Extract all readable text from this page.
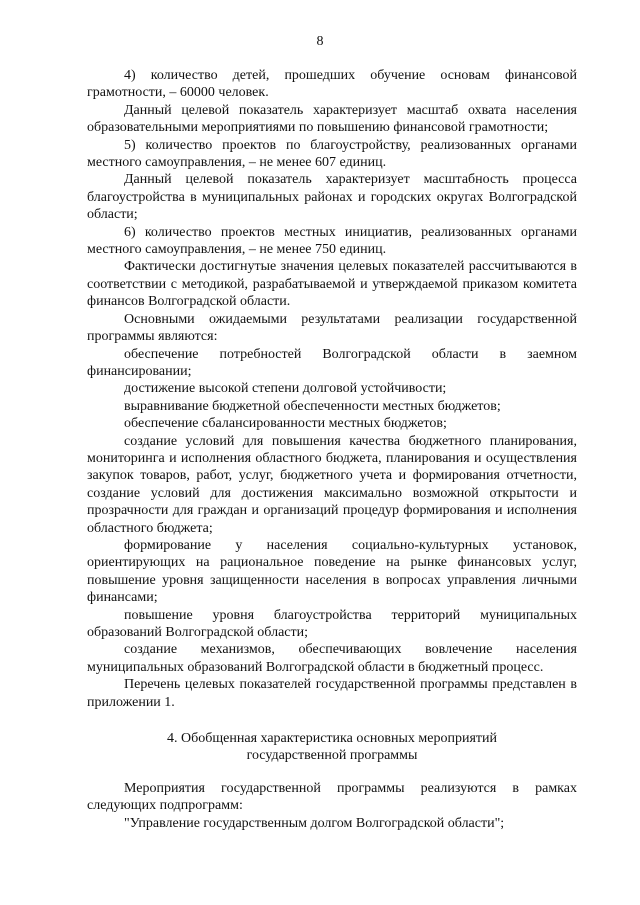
8

4) количество детей, прошедших обучение основам финансовой грамотности, – 60000 человек.

Данный целевой показатель характеризует масштаб охвата населения образовательными мероприятиями по повышению финансовой грамотности;

5) количество проектов по благоустройству, реализованных органами местного самоуправления, – не менее 607 единиц.

Данный целевой показатель характеризует масштабность процесса благоустройства в муниципальных районах и городских округах Волгоградской области;

6) количество проектов местных инициатив, реализованных органами местного самоуправления, – не менее 750 единиц.

Фактически достигнутые значения целевых показателей рассчитываются в соответствии с методикой, разрабатываемой и утверждаемой приказом комитета финансов Волгоградской области.

Основными ожидаемыми результатами реализации государственной программы являются:

обеспечение потребностей Волгоградской области в заемном финансировании;

достижение высокой степени долговой устойчивости;

выравнивание бюджетной обеспеченности местных бюджетов;

обеспечение сбалансированности местных бюджетов;

создание условий для повышения качества бюджетного планирования, мониторинга и исполнения областного бюджета, планирования и осуществления закупок товаров, работ, услуг, бюджетного учета и формирования отчетности, создание условий для достижения максимально возможной открытости и прозрачности для граждан и организаций процедур формирования и исполнения областного бюджета;

формирование у населения социально-культурных установок, ориентирующих на рациональное поведение на рынке финансовых услуг, повышение уровня защищенности населения в вопросах управления личными финансами;

повышение уровня благоустройства территорий муниципальных образований Волгоградской области;

создание механизмов, обеспечивающих вовлечение населения муниципальных образований Волгоградской области в бюджетный процесс.

Перечень целевых показателей государственной программы представлен в приложении 1.

4. Обобщенная характеристика основных мероприятий
государственной программы

Мероприятия государственной программы реализуются в рамках следующих подпрограмм:

"Управление государственным долгом Волгоградской области";
